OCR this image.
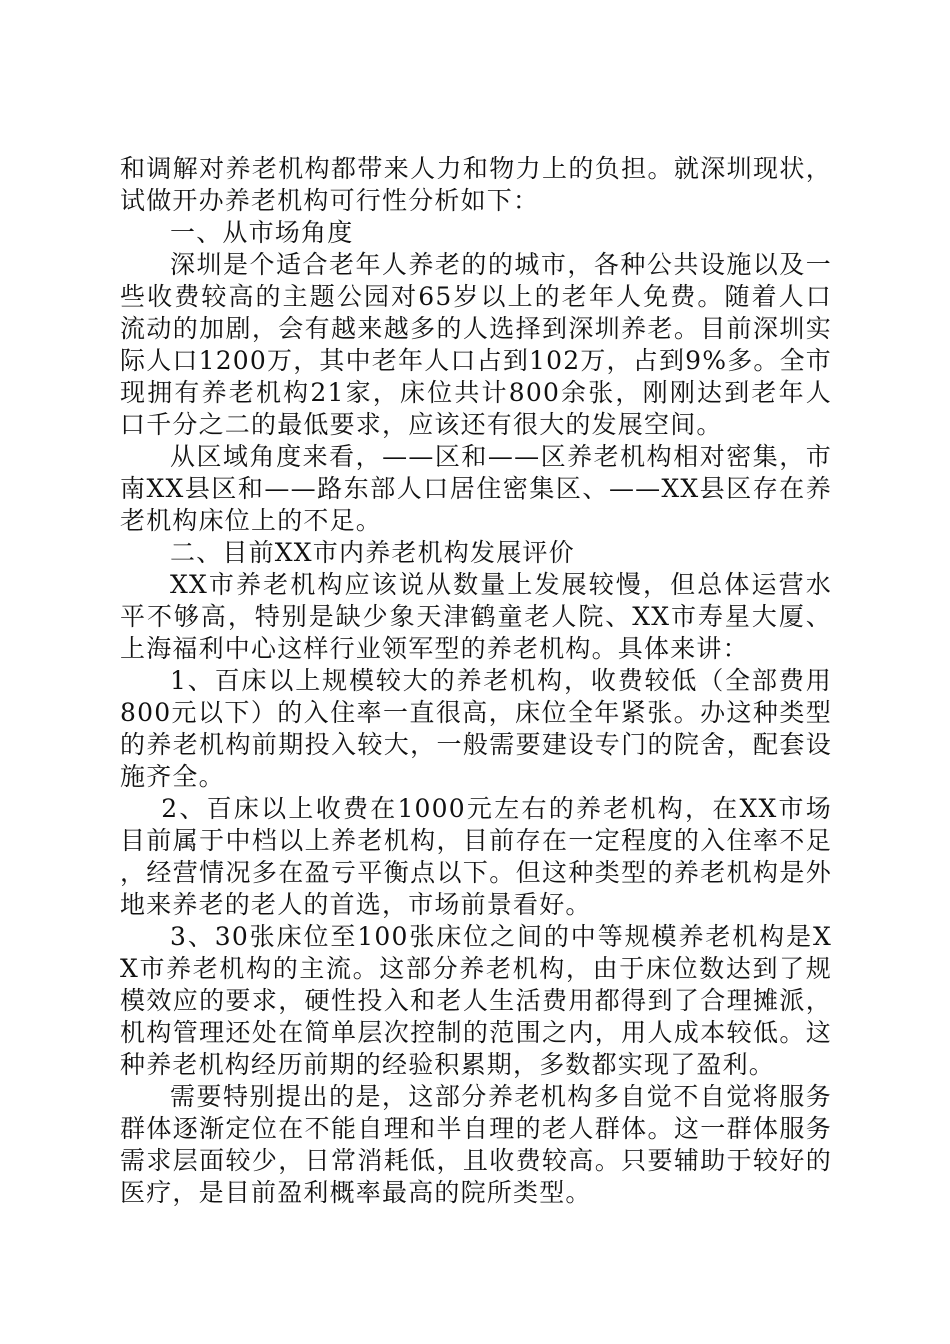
和调解对养老机构都带来人力和物力上的负担。就深圳现状，试做开办养老机构可行性分析如下：

一、从市场角度

深圳是个适合老年人养老的的城市，各种公共设施以及一些收费较高的主题公园对65岁以上的老年人免费。随着人口流动的加剧，会有越来越多的人选择到深圳养老。目前深圳实际人口1200万，其中老年人口占到102万，占到9%多。全市现拥有养老机构21家，床位共计800余张，刚刚达到老年人口千分之二的最低要求，应该还有很大的发展空间。

从区域角度来看，——区和——区养老机构相对密集，市南XX县区和——路东部人口居住密集区、——XX县区存在养老机构床位上的不足。

二、目前XX市内养老机构发展评价

XX市养老机构应该说从数量上发展较慢，但总体运营水平不够高，特别是缺少象天津鹤童老人院、XX市寿星大厦、上海福利中心这样行业领军型的养老机构。具体来讲：

1、百床以上规模较大的养老机构，收费较低（全部费用800元以下）的入住率一直很高，床位全年紧张。办这种类型的养老机构前期投入较大，一般需要建设专门的院舍，配套设施齐全。

2、百床以上收费在1000元左右的养老机构，在XX市场目前属于中档以上养老机构，目前存在一定程度的入住率不足，经营情况多在盈亏平衡点以下。但这种类型的养老机构是外地来养老的老人的首选，市场前景看好。

3、30张床位至100张床位之间的中等规模养老机构是XX市养老机构的主流。这部分养老机构，由于床位数达到了规模效应的要求，硬性投入和老人生活费用都得到了合理摊派，机构管理还处在简单层次控制的范围之内，用人成本较低。这种养老机构经历前期的经验积累期，多数都实现了盈利。

需要特别提出的是，这部分养老机构多自觉不自觉将服务群体逐渐定位在不能自理和半自理的老人群体。这一群体服务需求层面较少，日常消耗低，且收费较高。只要辅助于较好的医疗，是目前盈利概率最高的院所类型。
